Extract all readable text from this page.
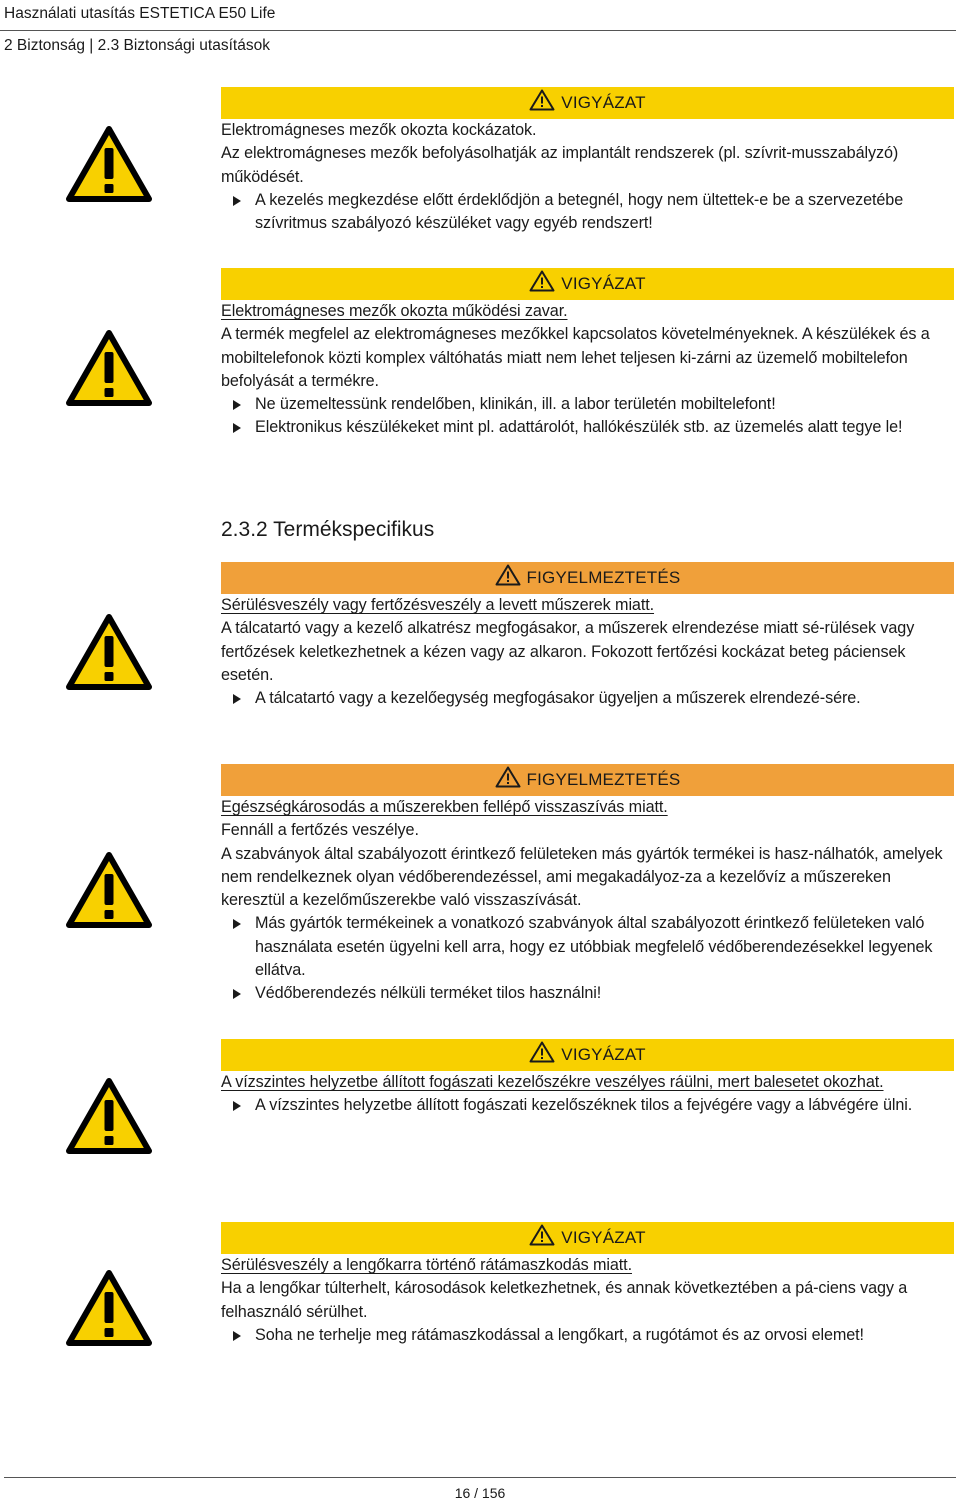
Használati utasítás ESTETICA E50 Life
2 Biztonság | 2.3 Biztonsági utasítások
VIGYÁZAT

Elektromágneses mezők okozta kockázatok.

Az elektromágneses mezők befolyásolhatják az implantált rendszerek (pl. szívrit-musszabályzó) működését.

A kezelés megkezdése előtt érdeklődjön a betegnél, hogy nem ültettek-e be a szervezetébe szívritmus szabályozó készüléket vagy egyéb rendszert!

VIGYÁZAT

Elektromágneses mezők okozta működési zavar.

A termék megfelel az elektromágneses mezőkkel kapcsolatos követelményeknek. A készülékek és a mobiltelefonok közti komplex váltóhatás miatt nem lehet teljesen ki-zárni az üzemelő mobiltelefon befolyását a termékre.

Ne üzemeltessünk rendelőben, klinikán, ill. a labor területén mobiltelefont!

Elektronikus készülékeket mint pl. adattárolót, hallókészülék stb. az üzemelés alatt tegye le!

2.3.2 Termékspecifikus
FIGYELMEZTETÉS

Sérülésveszély vagy fertőzésveszély a levett műszerek miatt.

A tálcatartó vagy a kezelő alkatrész megfogásakor, a műszerek elrendezése miatt sé-rülések vagy fertőzések keletkezhetnek a kézen vagy az alkaron. Fokozott fertőzési kockázat beteg páciensek esetén.

A tálcatartó vagy a kezelőegység megfogásakor ügyeljen a műszerek elrendezé-sére.

FIGYELMEZTETÉS

Egészségkárosodás a műszerekben fellépő visszaszívás miatt.

Fennáll a fertőzés veszélye.

A szabványok által szabályozott érintkező felületeken más gyártók termékei is hasz-nálhatók, amelyek nem rendelkeznek olyan védőberendezéssel, ami megakadályoz-za a kezelővíz a műszereken keresztül a kezelőműszerekbe való visszaszívását.

Más gyártók termékeinek a vonatkozó szabványok által szabályozott érintkező felületeken való használata esetén ügyelni kell arra, hogy ez utóbbiak megfelelő védőberendezésekkel legyenek ellátva.

Védőberendezés nélküli terméket tilos használni!

VIGYÁZAT

A vízszintes helyzetbe állított fogászati kezelőszékre veszélyes ráülni, mert balesetet okozhat.

A vízszintes helyzetbe állított fogászati kezelőszéknek tilos a fejvégére vagy a lábvégére ülni.

VIGYÁZAT

Sérülésveszély a lengőkarra történő rátámaszkodás miatt.

Ha a lengőkar túlterhelt, károsodások keletkezhetnek, és annak következtében a pá-ciens vagy a felhasználó sérülhet.

Soha ne terhelje meg rátámaszkodással a lengőkart, a rugótámot és az orvosi elemet!

16 / 156
